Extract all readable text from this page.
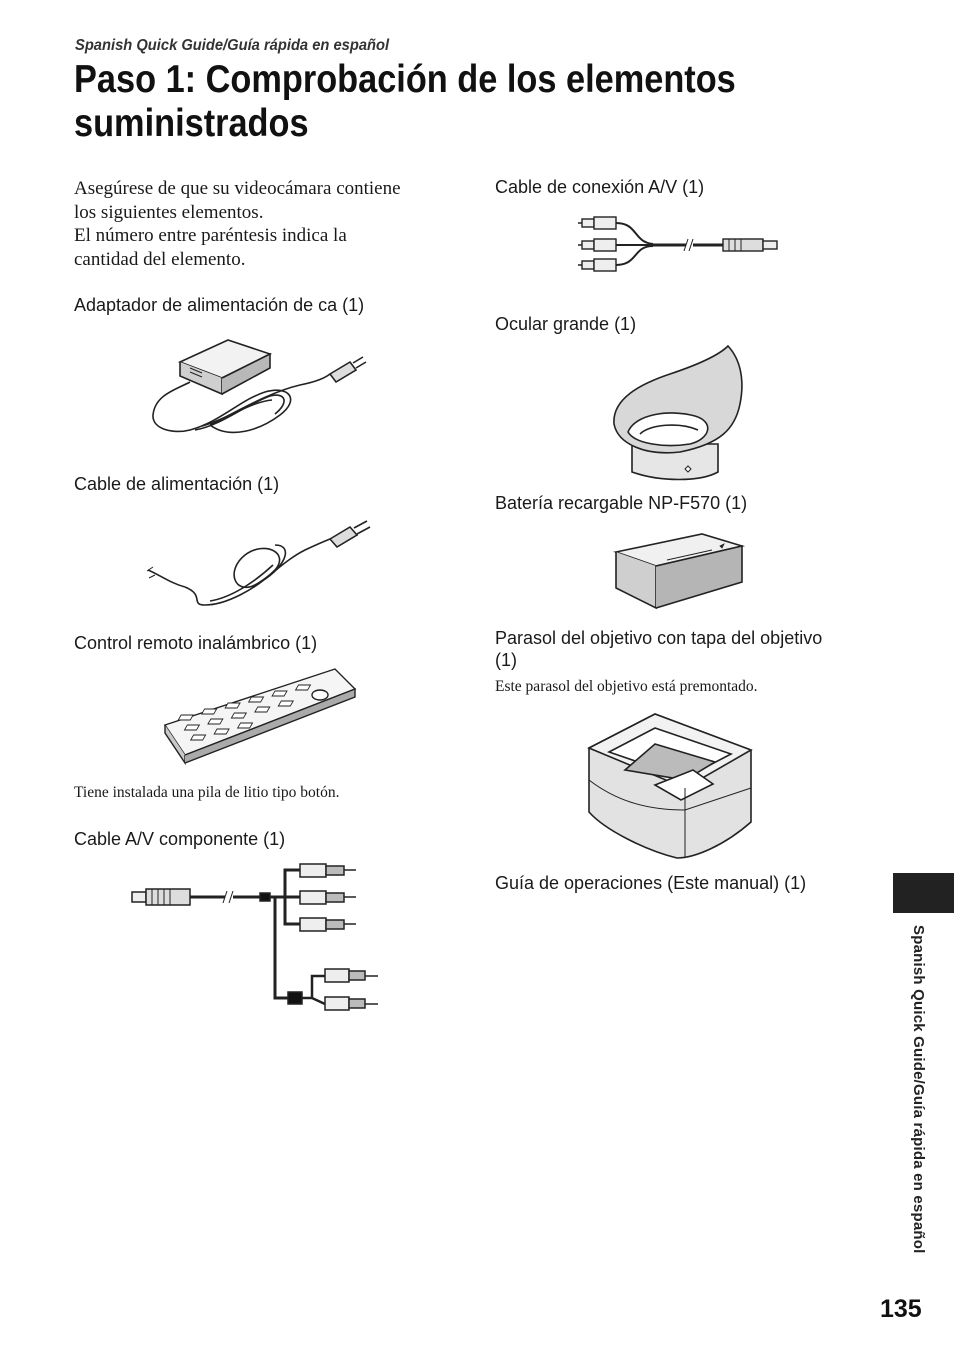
Spanish Quick Guide/Guía rápida en español
Paso 1: Comprobación de los elementos
suministrados
Asegúrese de que su videocámara contiene
los siguientes elementos.
El número entre paréntesis indica la
cantidad del elemento.
Adaptador de alimentación de ca (1)
Cable de alimentación (1)
Control remoto inalámbrico (1)
Tiene instalada una pila de litio tipo botón.
Cable A/V componente (1)
Cable de conexión A/V (1)
Ocular grande (1)
Batería recargable NP-F570 (1)
Parasol del objetivo con tapa del objetivo
(1)
Este parasol del objetivo está premontado.
Guía de operaciones (Este manual) (1)
Spanish Quick Guide/Guía rápida en español
135
